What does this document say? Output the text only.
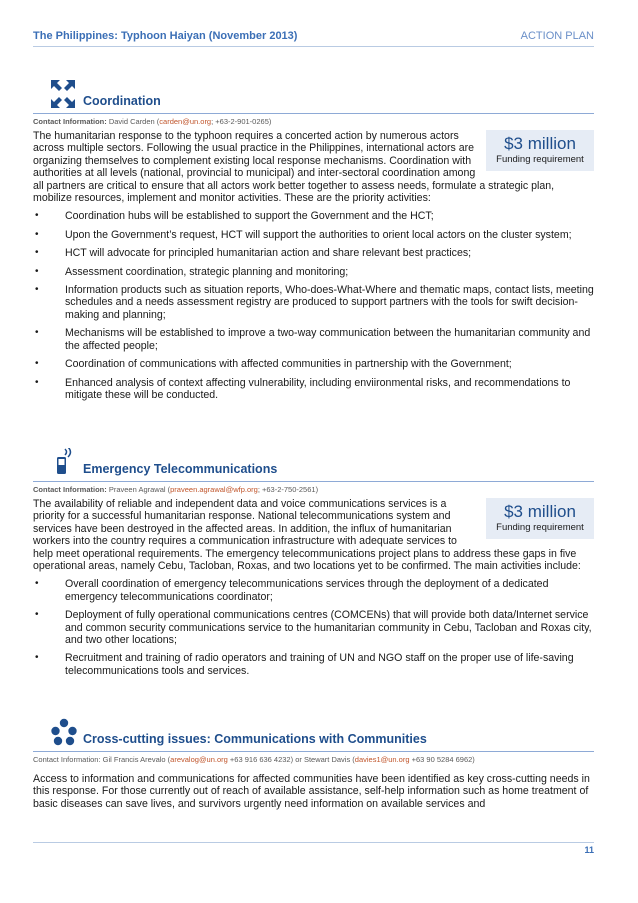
The Philippines: Typhoon Haiyan (November 2013)	ACTION PLAN
Coordination
Contact Information: David Carden (carden@un.org; +63-2-901-0265)
$3 million
Funding requirement
The humanitarian response to the typhoon requires a concerted action by numerous actors across multiple sectors. Following the usual practice in the Philippines, international actors are organizing themselves to complement existing local response mechanisms. Coordination with authorities at all levels (national, provincial to municipal) and inter-sectoral coordination among all partners are critical to ensure that all actors work better together to assess needs, formulate a strategic plan, mobilize resources, implement and monitor activities. These are the priority activities:
• Coordination hubs will be established to support the Government and the HCT;
• Upon the Government’s request, HCT will support the authorities to orient local actors on the cluster system;
• HCT will advocate for principled humanitarian action and share relevant best practices;
• Assessment coordination, strategic planning and monitoring;
• Information products such as situation reports, Who-does-What-Where and thematic maps, contact lists, meeting schedules and a needs assessment registry are produced to support partners with the tools for swift decision-making and planning;
• Mechanisms will be established to improve a two-way communication between the humanitarian community and the affected people;
• Coordination of communications with affected communities in partnership with the Government;
• Enhanced analysis of context affecting vulnerability, including enviironmental risks, and recommendations to mitigate these will be conducted.
Emergency Telecommunications
Contact Information: Praveen Agrawal (praveen.agrawal@wfp.org; +63-2-750-2561)
$3 million
Funding requirement
The availability of reliable and independent data and voice communications services is a priority for a successful humanitarian response. National telecommunications system and services have been destroyed in the affected areas. In addition, the influx of humanitarian workers into the country requires a communication infrastructure with adequate services to help meet operational requirements. The emergency telecommunications project plans to address these gaps in five operational areas, namely Cebu, Tacloban, Roxas, and two locations yet to be confirmed. The main activities include:
• Overall coordination of emergency telecommunications services through the deployment of a dedicated emergency telecommunications coordinator;
• Deployment of fully operational communications centres (COMCENs) that will provide both data/Internet service and common security communications service to the humanitarian community in Cebu, Tacloban and Roxas city, and two other locations;
• Recruitment and training of radio operators and training of UN and NGO staff on the proper use of life-saving telecommunications tools and services.
Cross-cutting issues: Communications with Communities
Contact Information: Gil Francis Arevalo (arevalog@un.org +63 916 636 4232) or Stewart Davis (davies1@un.org +63 90 5284 6962)
Access to information and communications for affected communities have been identified as key cross-cutting needs in this response. For those currently out of reach of available assistance, self-help information such as home treatment of basic diseases can save lives, and survivors urgently need information on available services and
11
